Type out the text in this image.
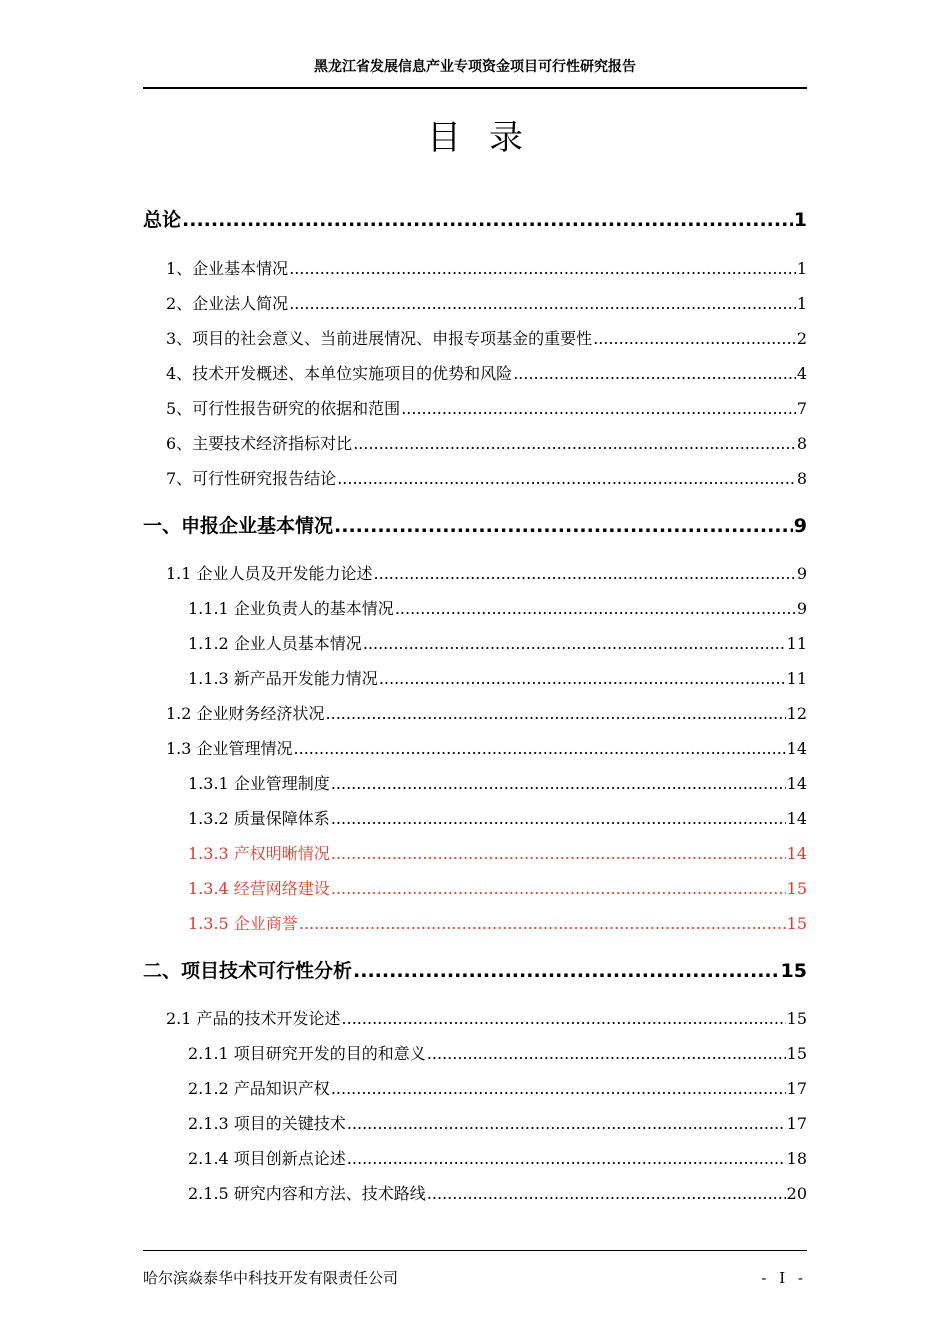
黑龙江省发展信息产业专项资金项目可行性研究报告
目录
总论 .....	1
1、企业基本情况 .....	1
2、企业法人简况 .....	1
3、项目的社会意义、当前进展情况、申报专项基金的重要性 .....	2
4、技术开发概述、本单位实施项目的优势和风险 .....	4
5、可行性报告研究的依据和范围 .....	7
6、主要技术经济指标对比 .....	8
7、可行性研究报告结论 .....	8
一、申报企业基本情况 .....	9
1.1 企业人员及开发能力论述 .....	9
1.1.1 企业负责人的基本情况 .....	9
1.1.2 企业人员基本情况 .....	11
1.1.3 新产品开发能力情况 .....	11
1.2 企业财务经济状况 .....	12
1.3 企业管理情况 .....	14
1.3.1 企业管理制度 .....	14
1.3.2 质量保障体系 .....	14
1.3.3 产权明晰情况 .....	14
1.3.4 经营网络建设 .....	15
1.3.5 企业商誉 .....	15
二、项目技术可行性分析 .....	15
2.1 产品的技术开发论述 .....	15
2.1.1 项目研究开发的目的和意义 .....	15
2.1.2 产品知识产权 .....	17
2.1.3 项目的关键技术 .....	17
2.1.4 项目创新点论述 .....	18
2.1.5 研究内容和方法、技术路线 .....	20
哈尔滨焱泰华中科技开发有限责任公司	- I -
